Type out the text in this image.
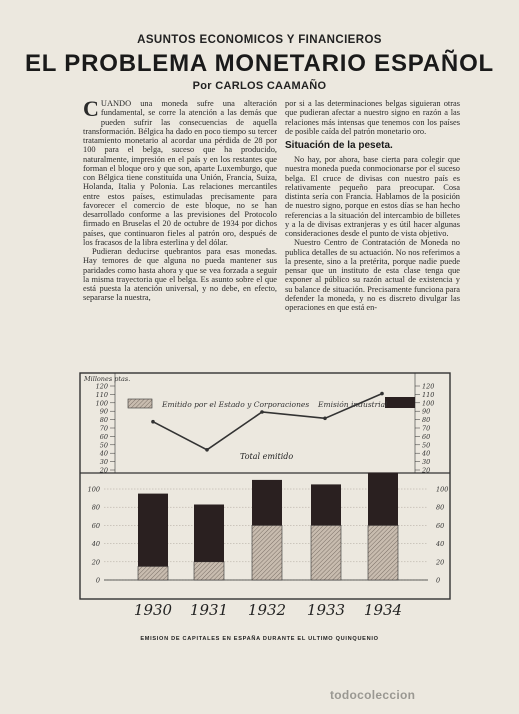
ASUNTOS ECONOMICOS Y FINANCIEROS
EL PROBLEMA MONETARIO ESPAÑOL
Por CARLOS CAAMAÑO

CUANDO una moneda sufre una alteración fundamental, se corre la atención a las demás que pueden sufrir las consecuencias de aquella transformación. Bélgica ha dado en poco tiempo su tercer tratamiento monetario al acordar una pérdida de 28 por 100 para el belga, suceso que ha producido, naturalmente, impresión en el país y en los restantes que forman el bloque oro y que son, aparte Luxemburgo, que con Bélgica tiene constituída una Unión, Francia, Suiza, Holanda, Italia y Polonia. Las relaciones mercantiles entre estos países, estimuladas precisamente para favorecer el comercio de este bloque, no se han desarrollado conforme a las previsiones del Protocolo firmado en Bruselas el 20 de octubre de 1934 por dichos países, que continuaron fieles al patrón oro, después de los fracasos de la libra esterlina y del dólar.

Pudieran deducirse quebrantos para esas monedas. Hay temores de que alguna no pueda mantener sus paridades como hasta ahora y que se vea forzada a seguir la misma trayectoria que el belga. Es asunto sobre el que está puesta la atención universal, y no debe, en efecto, separarse la nuestra,

por si a las determinaciones belgas siguieran otras que pudieran afectar a nuestro signo en razón a las relaciones más intensas que tenemos con los países de posible caída del patrón monetario oro.

Situación de la peseta.

No hay, por ahora, base cierta para colegir que nuestra moneda pueda conmocionarse por el suceso belga. El cruce de divisas con nuestro país es relativamente pequeño para preocupar. Cosa distinta sería con Francia. Hablamos de la posición de nuestro signo, porque en estos días se han hecho referencias a la situación del intercambio de billetes y a la de divisas extranjeras y es útil hacer algunas consideraciones desde el punto de vista objetivo.

Nuestro Centro de Contratación de Moneda no publica detalles de su actuación. No nos referimos a la presente, sino a la pretérita, porque nadie puede pensar que un instituto de esta clase tenga que exponer al público su razón actual de existencia y su balance de situación. Precisamente funciona para defender la moneda, y no es discreto divulgar las operaciones en que está en-

Emitido por el Estado y Corporaciones Emisión industrial
Millones ptas.
120	120
110	110
100	100
90	90
80	80
70	70
60	60
50	50
40	40
30	30
20	20
Total emitido
100	100
80	80
60	60
40	40
20	20
0	0
1930 1931 1932 1933 1934
EMISION DE CAPITALES EN ESPAÑA DURANTE EL ULTIMO QUINQUENIO
todocoleccion
